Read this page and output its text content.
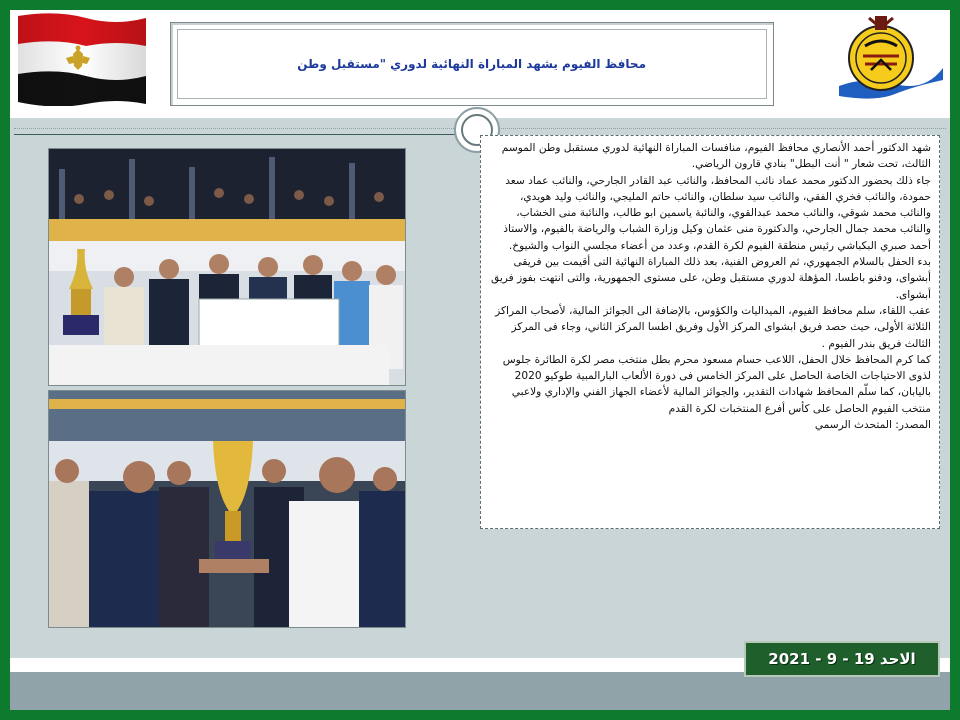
محافظ الفيوم يشهد المباراة النهائية لدوري "مستقبل وطن

شهد الدكتور أحمد الأنصاري محافظ الفيوم، منافسات المباراة النهائية لدوري مستقبل وطن الموسم الثالث، تحت شعار " أنت البطل" بنادي قارون الرياضي.

جاء ذلك بحضور الدكتور محمد عماد نائب المحافظ، والنائب عبد القادر الجارحي، والنائب عماد سعد حمودة، والنائب فخري الفقي، والنائب سيد سلطان، والنائب حاتم المليجي، والنائب وليد هويدي، والنائب محمد شوقي، والنائب محمد عبدالقوي، والنائبة ياسمين ابو طالب، والنائبة منى الخشاب، والنائب محمد جمال الجارحي، والدكتورة منى عثمان وكيل وزارة الشباب والرياضة بالفيوم، والاستاذ أحمد صبري البكباشي رئيس منطقة الفيوم لكرة القدم، وعدد من أعضاء مجلسي النواب والشيوخ.

بدء الحفل بالسلام الجمهوري، ثم العروض الفنية، بعد ذلك المباراة النهائية التى أقيمت بين فريقى أبشواى، ودفنو باطسا، المؤهلة لدوري مستقبل وطن، على مستوى الجمهورية، والتى انتهت بفوز فريق أبشواى.

عقب اللقاء، سلم محافظ الفيوم، الميداليات والكؤوس، بالإضافة الى الجوائز المالية، لأصحاب المراكز الثلاثة الأولى، حيث حصد فريق ابشواى المركز الأول وفريق اطسا المركز الثاني، وجاء فى المركز الثالث فريق بندر الفيوم .

كما كرم المحافظ خلال الحفل، اللاعب حسام مسعود محرم بطل منتخب مصر لكرة الطائرة جلوس لذوى الاحتياجات الخاصة الحاصل على المركز الخامس فى دورة الألعاب البارالمبية طوكيو 2020 باليابان، كما سلّم المحافظ شهادات التقدير، والجوائز المالية لأعضاء الجهاز الفني والإداري ولاعبي منتخب الفيوم الحاصل على كأس أفرع المنتخبات لكرة القدم

المصدر: المتحدث الرسمي

الاحد 19 - 9 - 2021
